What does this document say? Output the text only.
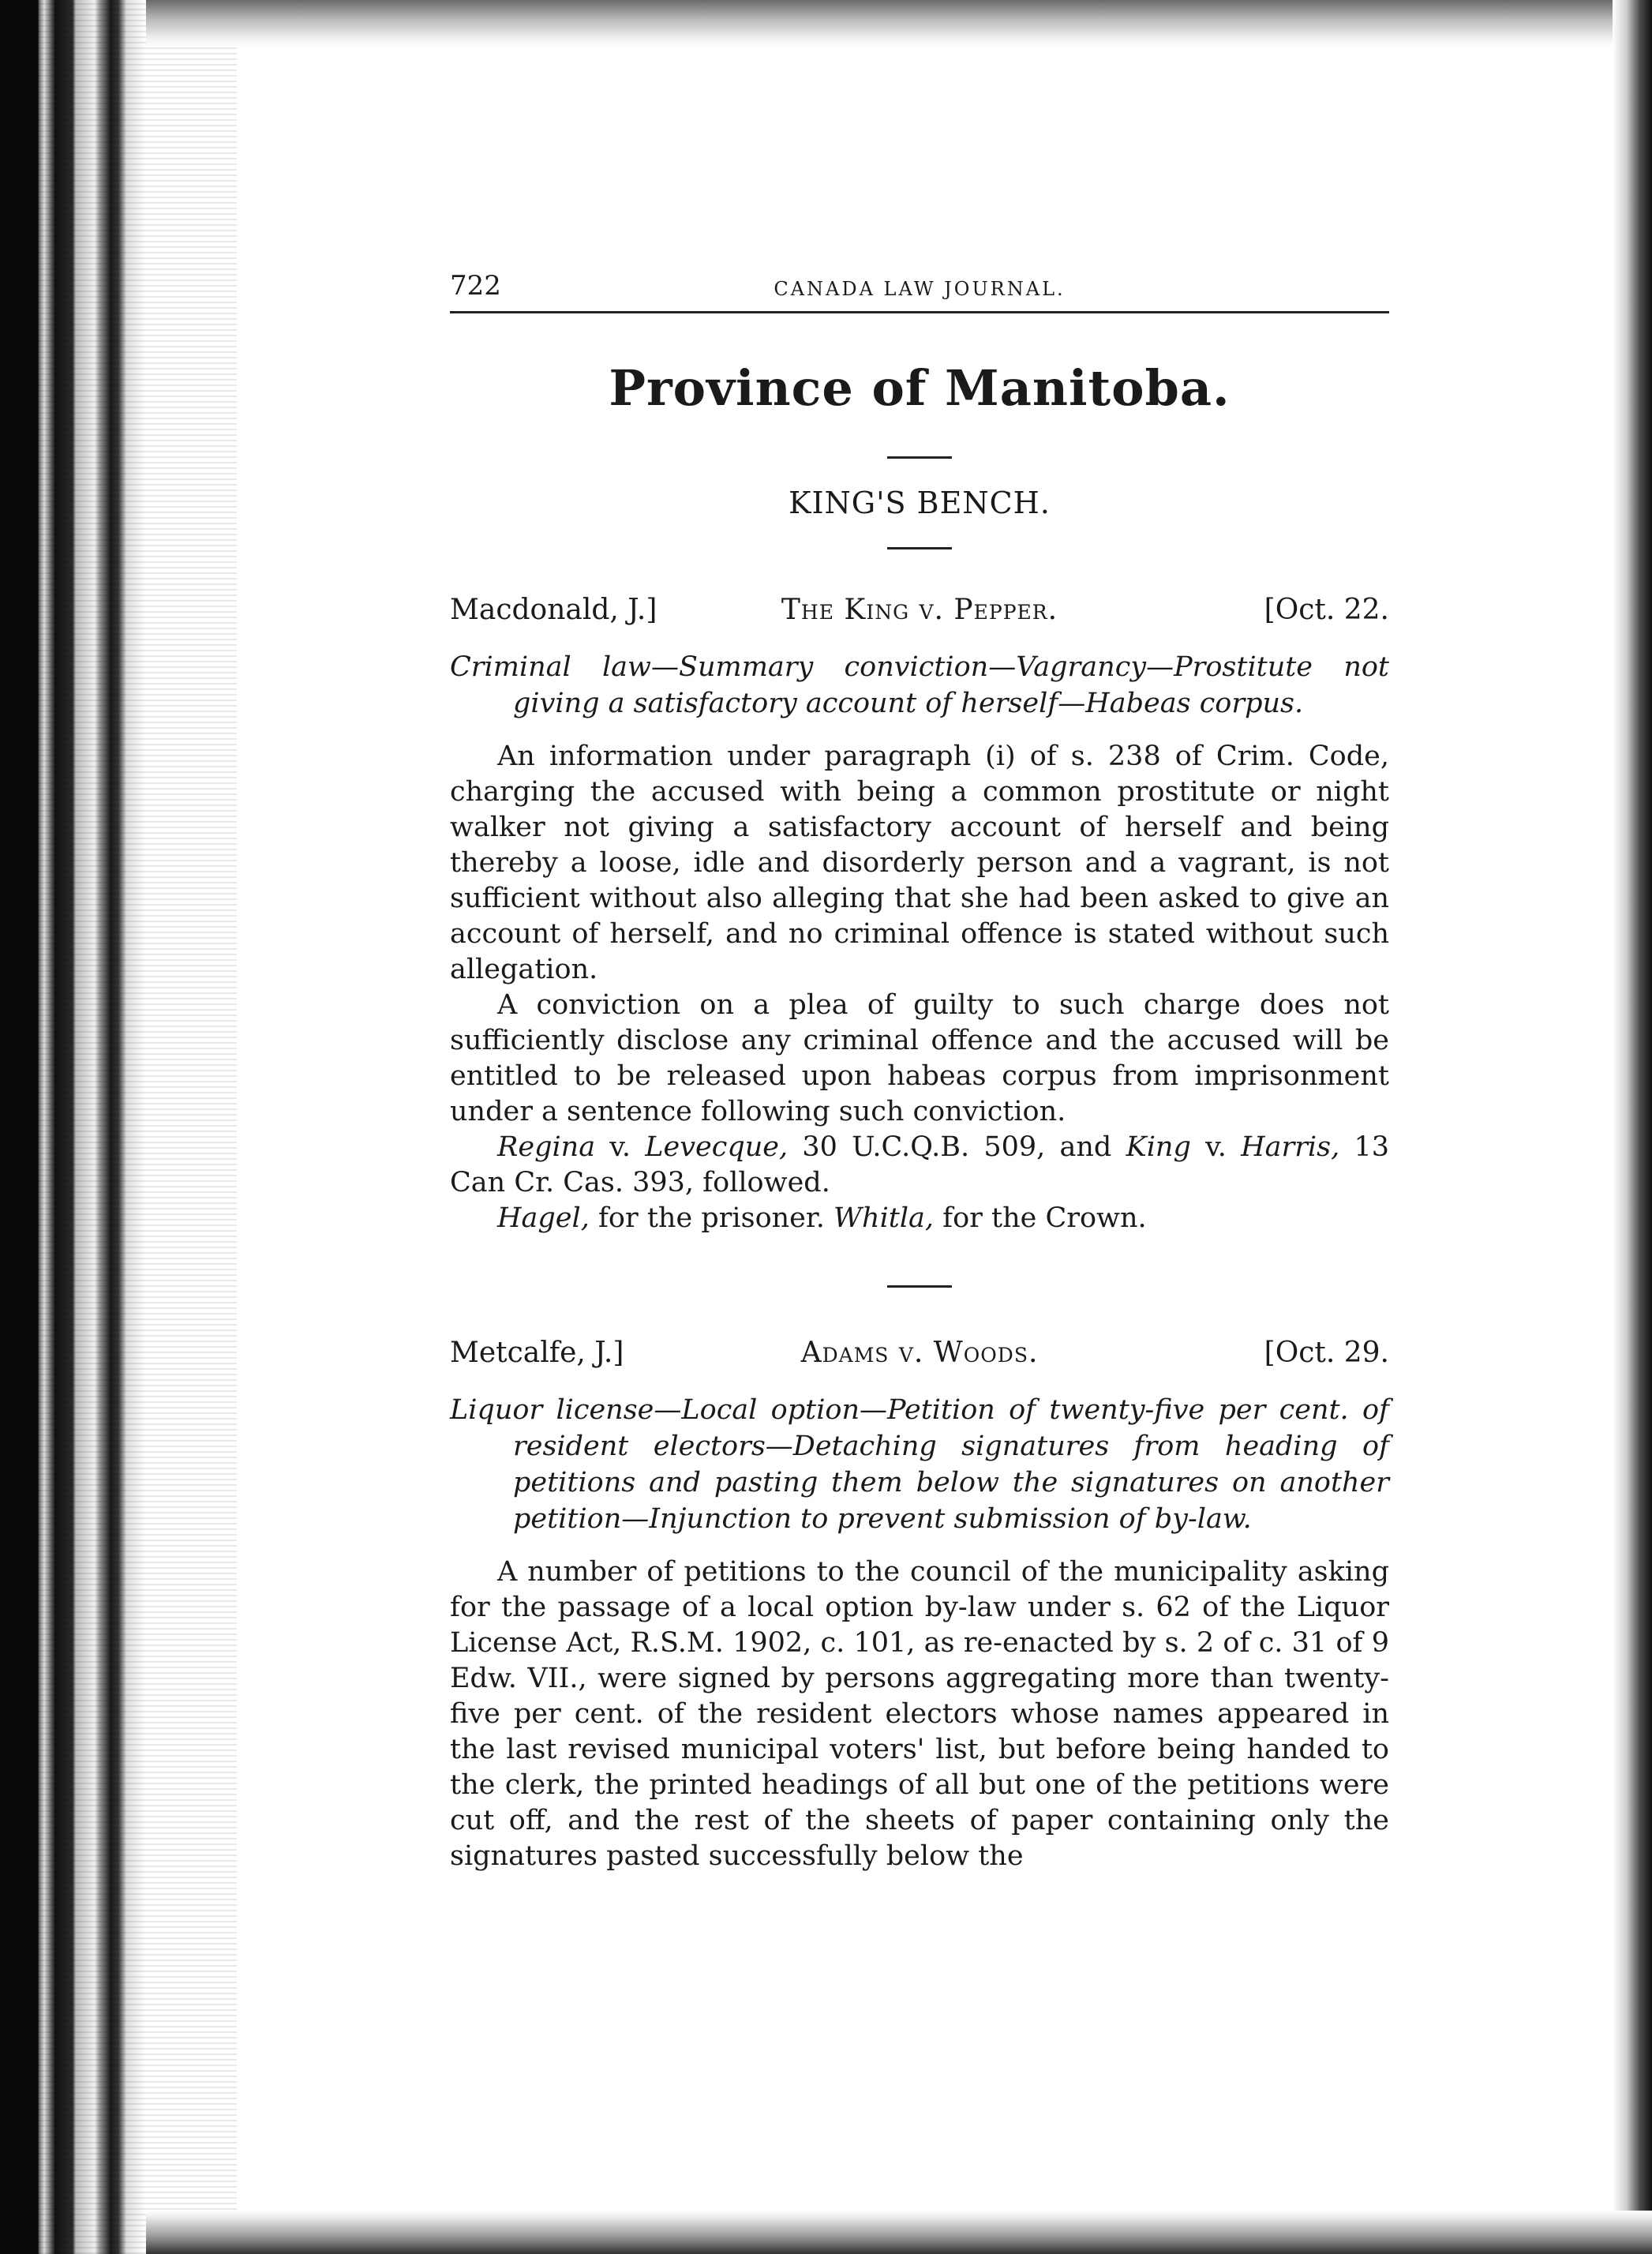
722	CANADA LAW JOURNAL.
Province of Manitoba.
KING'S BENCH.
Macdonald, J.]	The King v. Pepper.	[Oct. 22.
Criminal law—Summary conviction—Vagrancy—Prostitute not giving a satisfactory account of herself—Habeas corpus.

An information under paragraph (i) of s. 238 of Crim. Code, charging the accused with being a common prostitute or night walker not giving a satisfactory account of herself and being thereby a loose, idle and disorderly person and a vagrant, is not sufficient without also alleging that she had been asked to give an account of herself, and no criminal offence is stated without such allegation.

A conviction on a plea of guilty to such charge does not sufficiently disclose any criminal offence and the accused will be entitled to be released upon habeas corpus from imprisonment under a sentence following such conviction.

Regina v. Levecque, 30 U.C.Q.B. 509, and King v. Harris, 13 Can Cr. Cas. 393, followed.

Hagel, for the prisoner. Whitla, for the Crown.

Metcalfe, J.]	Adams v. Woods.	[Oct. 29.
Liquor license—Local option—Petition of twenty-five per cent. of resident electors—Detaching signatures from heading of petitions and pasting them below the signatures on another petition—Injunction to prevent submission of by-law.

A number of petitions to the council of the municipality asking for the passage of a local option by-law under s. 62 of the Liquor License Act, R.S.M. 1902, c. 101, as re-enacted by s. 2 of c. 31 of 9 Edw. VII., were signed by persons aggregating more than twenty-five per cent. of the resident electors whose names appeared in the last revised municipal voters' list, but before being handed to the clerk, the printed headings of all but one of the petitions were cut off, and the rest of the sheets of paper containing only the signatures pasted successfully below the
